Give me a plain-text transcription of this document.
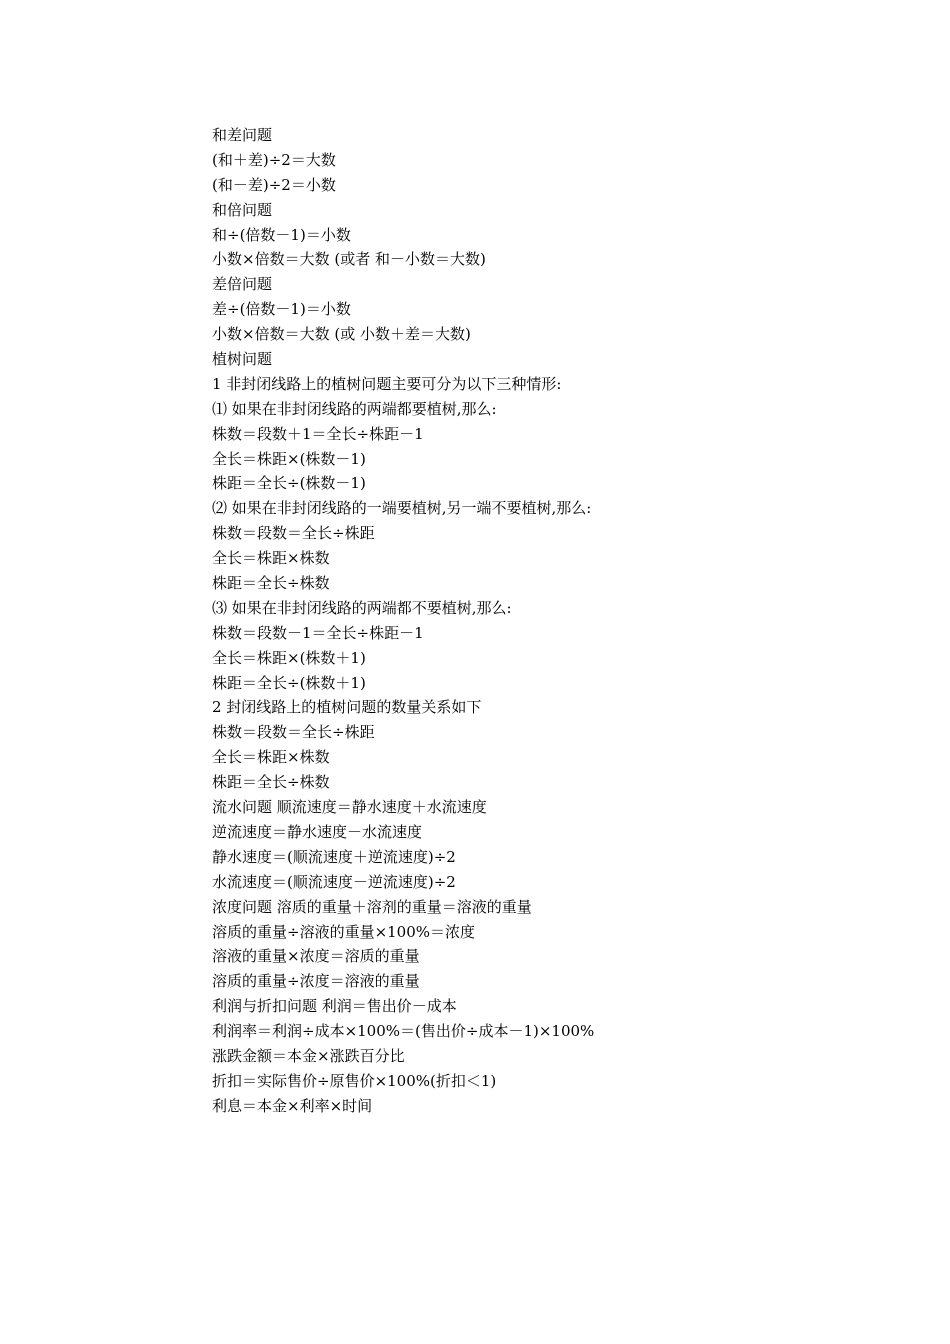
和差问题
(和＋差)÷2＝大数
(和－差)÷2＝小数
和倍问题
和÷(倍数－1)＝小数
小数×倍数＝大数 (或者 和－小数＝大数)
差倍问题
差÷(倍数－1)＝小数
小数×倍数＝大数 (或 小数＋差＝大数)
植树问题
1 非封闭线路上的植树问题主要可分为以下三种情形:
⑴ 如果在非封闭线路的两端都要植树,那么:
株数＝段数＋1＝全长÷株距－1
全长＝株距×(株数－1)
株距＝全长÷(株数－1)
⑵ 如果在非封闭线路的一端要植树,另一端不要植树,那么:
株数＝段数＝全长÷株距
全长＝株距×株数
株距＝全长÷株数
⑶ 如果在非封闭线路的两端都不要植树,那么:
株数＝段数－1＝全长÷株距－1
全长＝株距×(株数＋1)
株距＝全长÷(株数＋1)
2 封闭线路上的植树问题的数量关系如下
株数＝段数＝全长÷株距
全长＝株距×株数
株距＝全长÷株数
流水问题 顺流速度＝静水速度＋水流速度
逆流速度＝静水速度－水流速度
静水速度＝(顺流速度＋逆流速度)÷2
水流速度＝(顺流速度－逆流速度)÷2
浓度问题 溶质的重量＋溶剂的重量＝溶液的重量
溶质的重量÷溶液的重量×100%＝浓度
溶液的重量×浓度＝溶质的重量
溶质的重量÷浓度＝溶液的重量
利润与折扣问题 利润＝售出价－成本
利润率＝利润÷成本×100%＝(售出价÷成本－1)×100%
涨跌金额＝本金×涨跌百分比
折扣＝实际售价÷原售价×100%(折扣＜1)
利息＝本金×利率×时间
